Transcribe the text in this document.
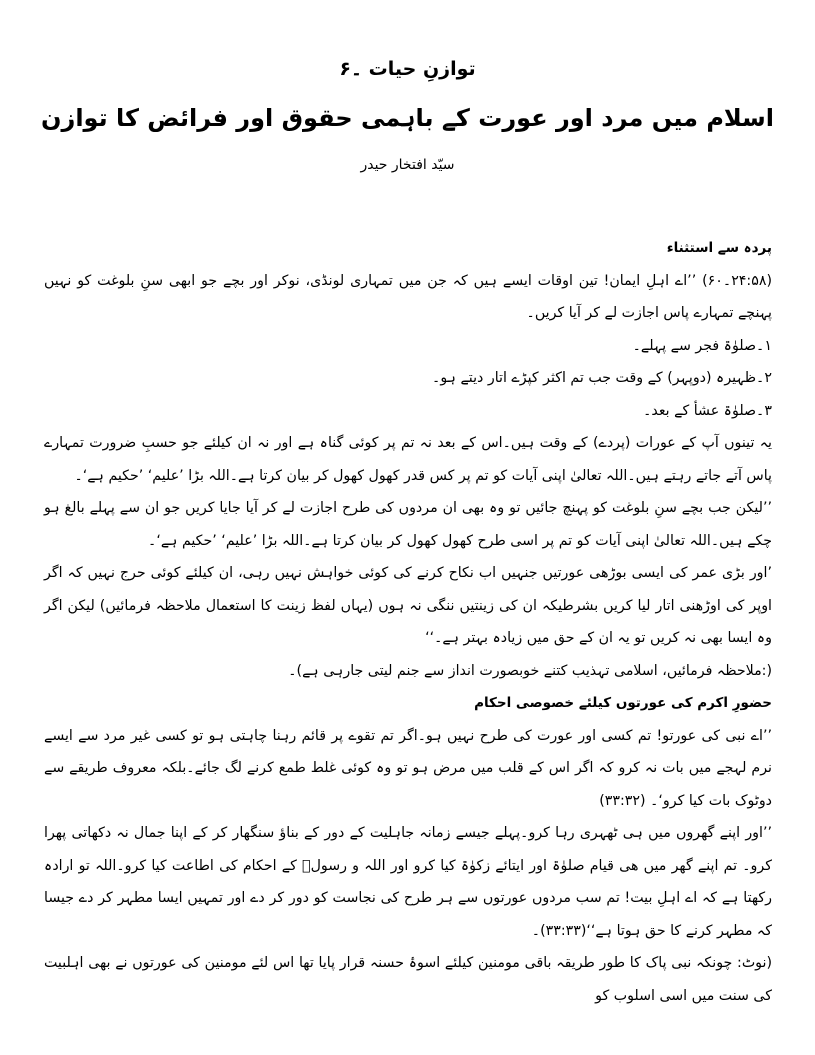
توازنِ حیات ۔۶
اسلام میں مرد اور عورت کے باہمی حقوق اور فرائض کا توازن
سیّد افتخار حیدر

پردہ سے استثناء

(۲۴:۵۸۔۶۰) ’’اے اہلِ ایمان! تین اوقات ایسے ہیں کہ جن میں تمہاری لونڈی، نوکر اور بچے جو ابھی سنِ بلوغت کو نہیں پہنچے تمہارے پاس اجازت لے کر آیا کریں۔

۱۔صلوٰۃ فجر سے پہلے۔

۲۔ظہیرہ (دوپہر) کے وقت جب تم اکثر کپڑے اتار دیتے ہو۔

۳۔صلوٰۃ عشأ کے بعد۔

یہ تینوں آپ کے عورات (پردے) کے وقت ہیں۔اس کے بعد نہ تم پر کوئی گناہ ہے اور نہ ان کیلئے جو حسبِ ضرورت تمہارے پاس آتے جاتے رہتے ہیں۔اللہ تعالیٰ اپنی آیات کو تم پر کس قدر کھول کھول کر بیان کرتا ہے۔اللہ بڑا ’علیم‘ ’حکیم ہے‘۔

’’لیکن جب بچے سنِ بلوغت کو پہنچ جائیں تو وہ بھی ان مردوں کی طرح اجازت لے کر آیا جایا کریں جو ان سے پہلے بالغ ہو چکے ہیں۔اللہ تعالیٰ اپنی آیات کو تم پر اسی طرح کھول کھول کر بیان کرتا ہے۔اللہ بڑا ’علیم‘ ’حکیم ہے‘۔

’اور بڑی عمر کی ایسی بوڑھی عورتیں جنہیں اب نکاح کرنے کی کوئی خواہش نہیں رہی، ان کیلئے کوئی حرج نہیں کہ اگر اوپر کی اوڑھنی اتار لیا کریں بشرطیکہ ان کی زینتیں ننگی نہ ہوں (یہاں لفظ زینت کا استعمال ملاحظہ فرمائیں) لیکن اگر وہ ایسا بھی نہ کریں تو یہ ان کے حق میں زیادہ بہتر ہے۔‘‘

(:ملاحظہ فرمائیں، اسلامی تہذیب کتنے خوبصورت انداز سے جنم لیتی جارہی ہے)۔

حضورِ اکرم کی عورتوں کیلئے خصوصی احکام

’’اے نبی کی عورتو! تم کسی اور عورت کی طرح نہیں ہو۔اگر تم تقوے پر قائم رہنا چاہتی ہو تو کسی غیر مرد سے ایسے نرم لہجے میں بات نہ کرو کہ اگر اس کے قلب میں مرض ہو تو وہ کوئی غلط طمع کرنے لگ جائے۔بلکہ معروف طریقے سے دوٹوک بات کیا کرو‘۔ (۳۳:۳۲)

’’اور اپنے گھروں میں ہی ٹھہری رہا کرو۔پہلے جیسے زمانہ جاہلیت کے دور کے بناؤ سنگھار کر کے اپنا جمال نہ دکھاتی پھرا کرو۔ تم اپنے گھر میں ھی قیام صلوٰۃ اور ایتائے زکوٰۃ کیا کرو اور اللہ و رسولؐ کے احکام کی اطاعت کیا کرو۔اللہ تو ارادہ رکھتا ہے کہ اے اہلِ بیت! تم سب مردوں عورتوں سے ہر طرح کی نجاست کو دور کر دے اور تمہیں ایسا مطہر کر دے جیسا کہ مطہر کرنے کا حق ہوتا ہے‘‘(۳۳:۳۳)۔

(نوٹ: چونکہ نبی پاک کا طور طریقہ باقی مومنین کیلئے اسوۂ حسنہ قرار پایا تھا اس لئے مومنین کی عورتوں نے بھی اہلبیت کی سنت میں اسی اسلوب کو
